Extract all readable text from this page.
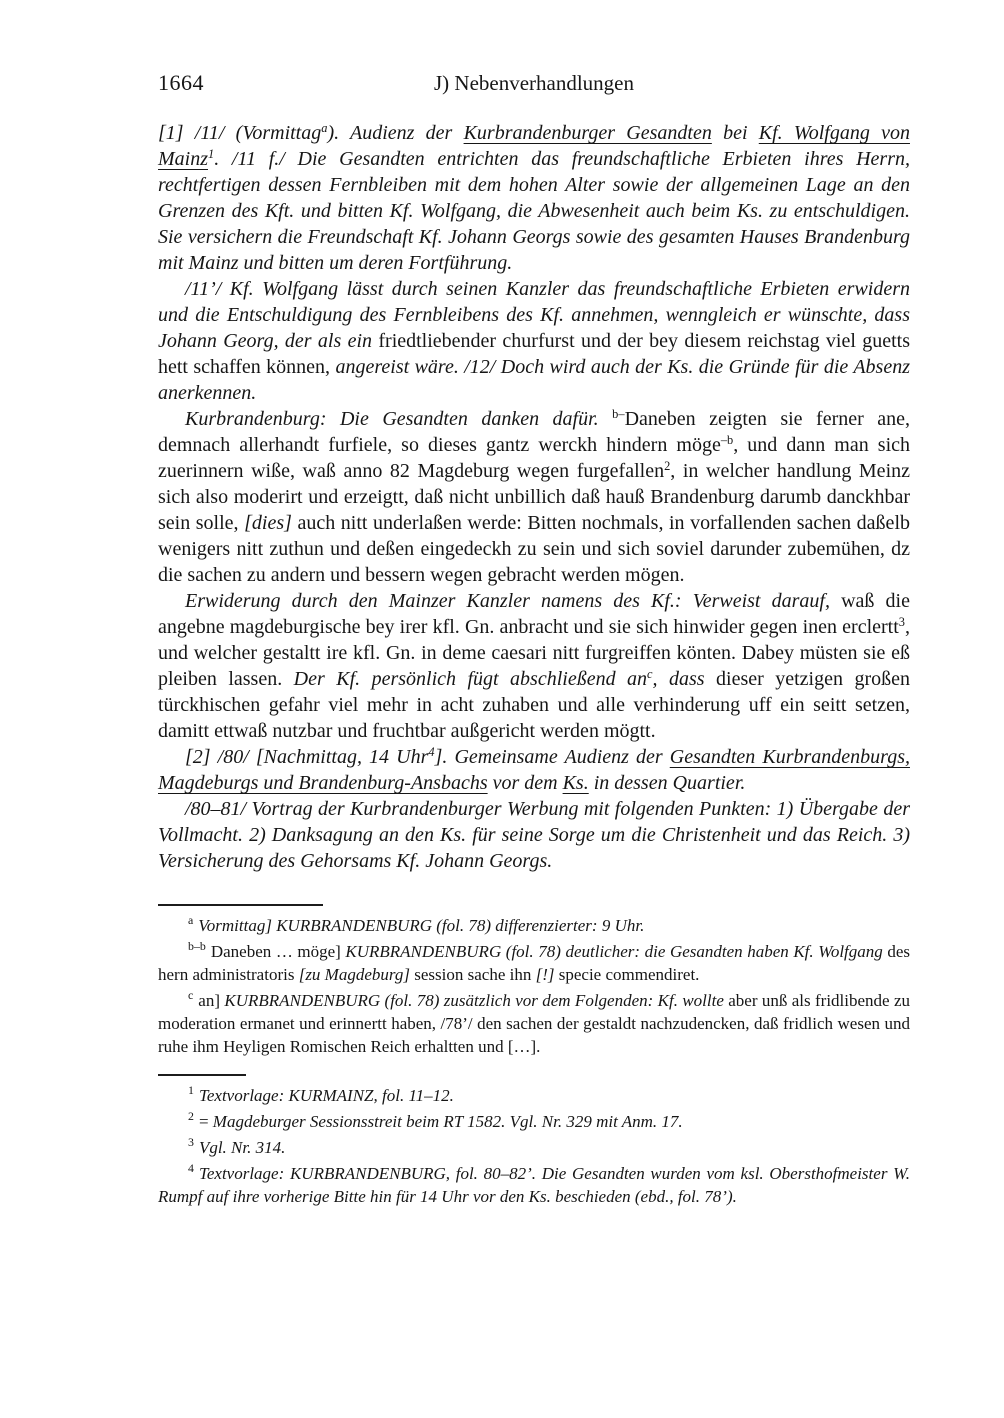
1664	J) Nebenverhandlungen

[1] /11/ (Vormittag$^a$). Audienz der Kurbrandenburger Gesandten bei Kf. Wolfgang von Mainz$^1$. /11 f./ Die Gesandten entrichten das freundschaftliche Erbieten ihres Herrn, rechtfertigen dessen Fernbleiben mit dem hohen Alter sowie der allgemeinen Lage an den Grenzen des Kft. und bitten Kf. Wolfgang, die Abwesenheit auch beim Ks. zu entschuldigen. Sie versichern die Freundschaft Kf. Johann Georgs sowie des gesamten Hauses Brandenburg mit Mainz und bitten um deren Fortführung.

/11’/ Kf. Wolfgang lässt durch seinen Kanzler das freundschaftliche Erbieten erwidern und die Entschuldigung des Fernbleibens des Kf. annehmen, wenngleich er wünschte, dass Johann Georg, der als ein friedtliebender churfurst und der bey diesem reichstag viel guetts hett schaffen können, angereist wäre. /12/ Doch wird auch der Ks. die Gründe für die Absenz anerkennen.

Kurbrandenburg: Die Gesandten danken dafür. $^{b-}$Daneben zeigten sie ferner ane, demnach allerhandt furfiele, so dieses gantz werckh hindern möge$^{-b}$, und dann man sich zuerinnern wiße, waß anno 82 Magdeburg wegen furgefallen$^2$, in welcher handlung Meinz sich also moderirt und erzeigtt, daß nicht unbillich daß hauß Brandenburg darumb danckhbar sein solle, [dies] auch nitt underlaßen werde: Bitten nochmals, in vorfallenden sachen daßelb wenigers nitt zuthun und deßen eingedeckh zu sein und sich soviel darunder zubemühen, dz die sachen zu andern und bessern wegen gebracht werden mögen.

Erwiderung durch den Mainzer Kanzler namens des Kf.: Verweist darauf, waß die angebne magdeburgische bey irer kfl. Gn. anbracht und sie sich hinwider gegen inen erclertt$^3$, und welcher gestaltt ire kfl. Gn. in deme caesari nitt furgreiffen könten. Dabey müsten sie eß pleiben lassen. Der Kf. persönlich fügt abschließend $an^c$, dass dieser yetzigen großen türckhischen gefahr viel mehr in acht zuhaben und alle verhinderung uff ein seitt setzen, damitt ettwaß nutzbar und fruchtbar außgericht werden mögtt.

[2] /80/ [Nachmittag, 14 Uhr$^4$]. Gemeinsame Audienz der Gesandten Kurbrandenburgs, Magdeburgs und Brandenburg-Ansbachs vor dem Ks. in dessen Quartier.

/80–81/ Vortrag der Kurbrandenburger Werbung mit folgenden Punkten: 1) Übergabe der Vollmacht. 2) Danksagung an den Ks. für seine Sorge um die Christenheit und das Reich. 3) Versicherung des Gehorsams Kf. Johann Georgs.

$^a$ Vormittag] KURBRANDENBURG (fol. 78) differenzierter: 9 Uhr.

$^{b-b}$ Daneben … möge] KURBRANDENBURG (fol. 78) deutlicher: die Gesandten haben Kf. Wolfgang des hern administratoris [zu Magdeburg] session sache ihn [!] specie commendiret.

$^c$ an] KURBRANDENBURG (fol. 78) zusätzlich vor dem Folgenden: Kf. wollte aber unß als fridlibende zu moderation ermanet und erinnertt haben, /78’/ den sachen der gestaldt nachzudencken, daß fridlich wesen und ruhe ihm Heyligen Romischen Reich erhaltten und […].

$^1$ Textvorlage: KURMAINZ, fol. 11–12.

$^2$ = Magdeburger Sessionsstreit beim RT 1582. Vgl. Nr. 329 mit Anm. 17.

$^3$ Vgl. Nr. 314.

$^4$ Textvorlage: KURBRANDENBURG, fol. 80–82’. Die Gesandten wurden vom ksl. Obersthofmeister W. Rumpf auf ihre vorherige Bitte hin für 14 Uhr vor den Ks. beschieden (ebd., fol. 78’).
